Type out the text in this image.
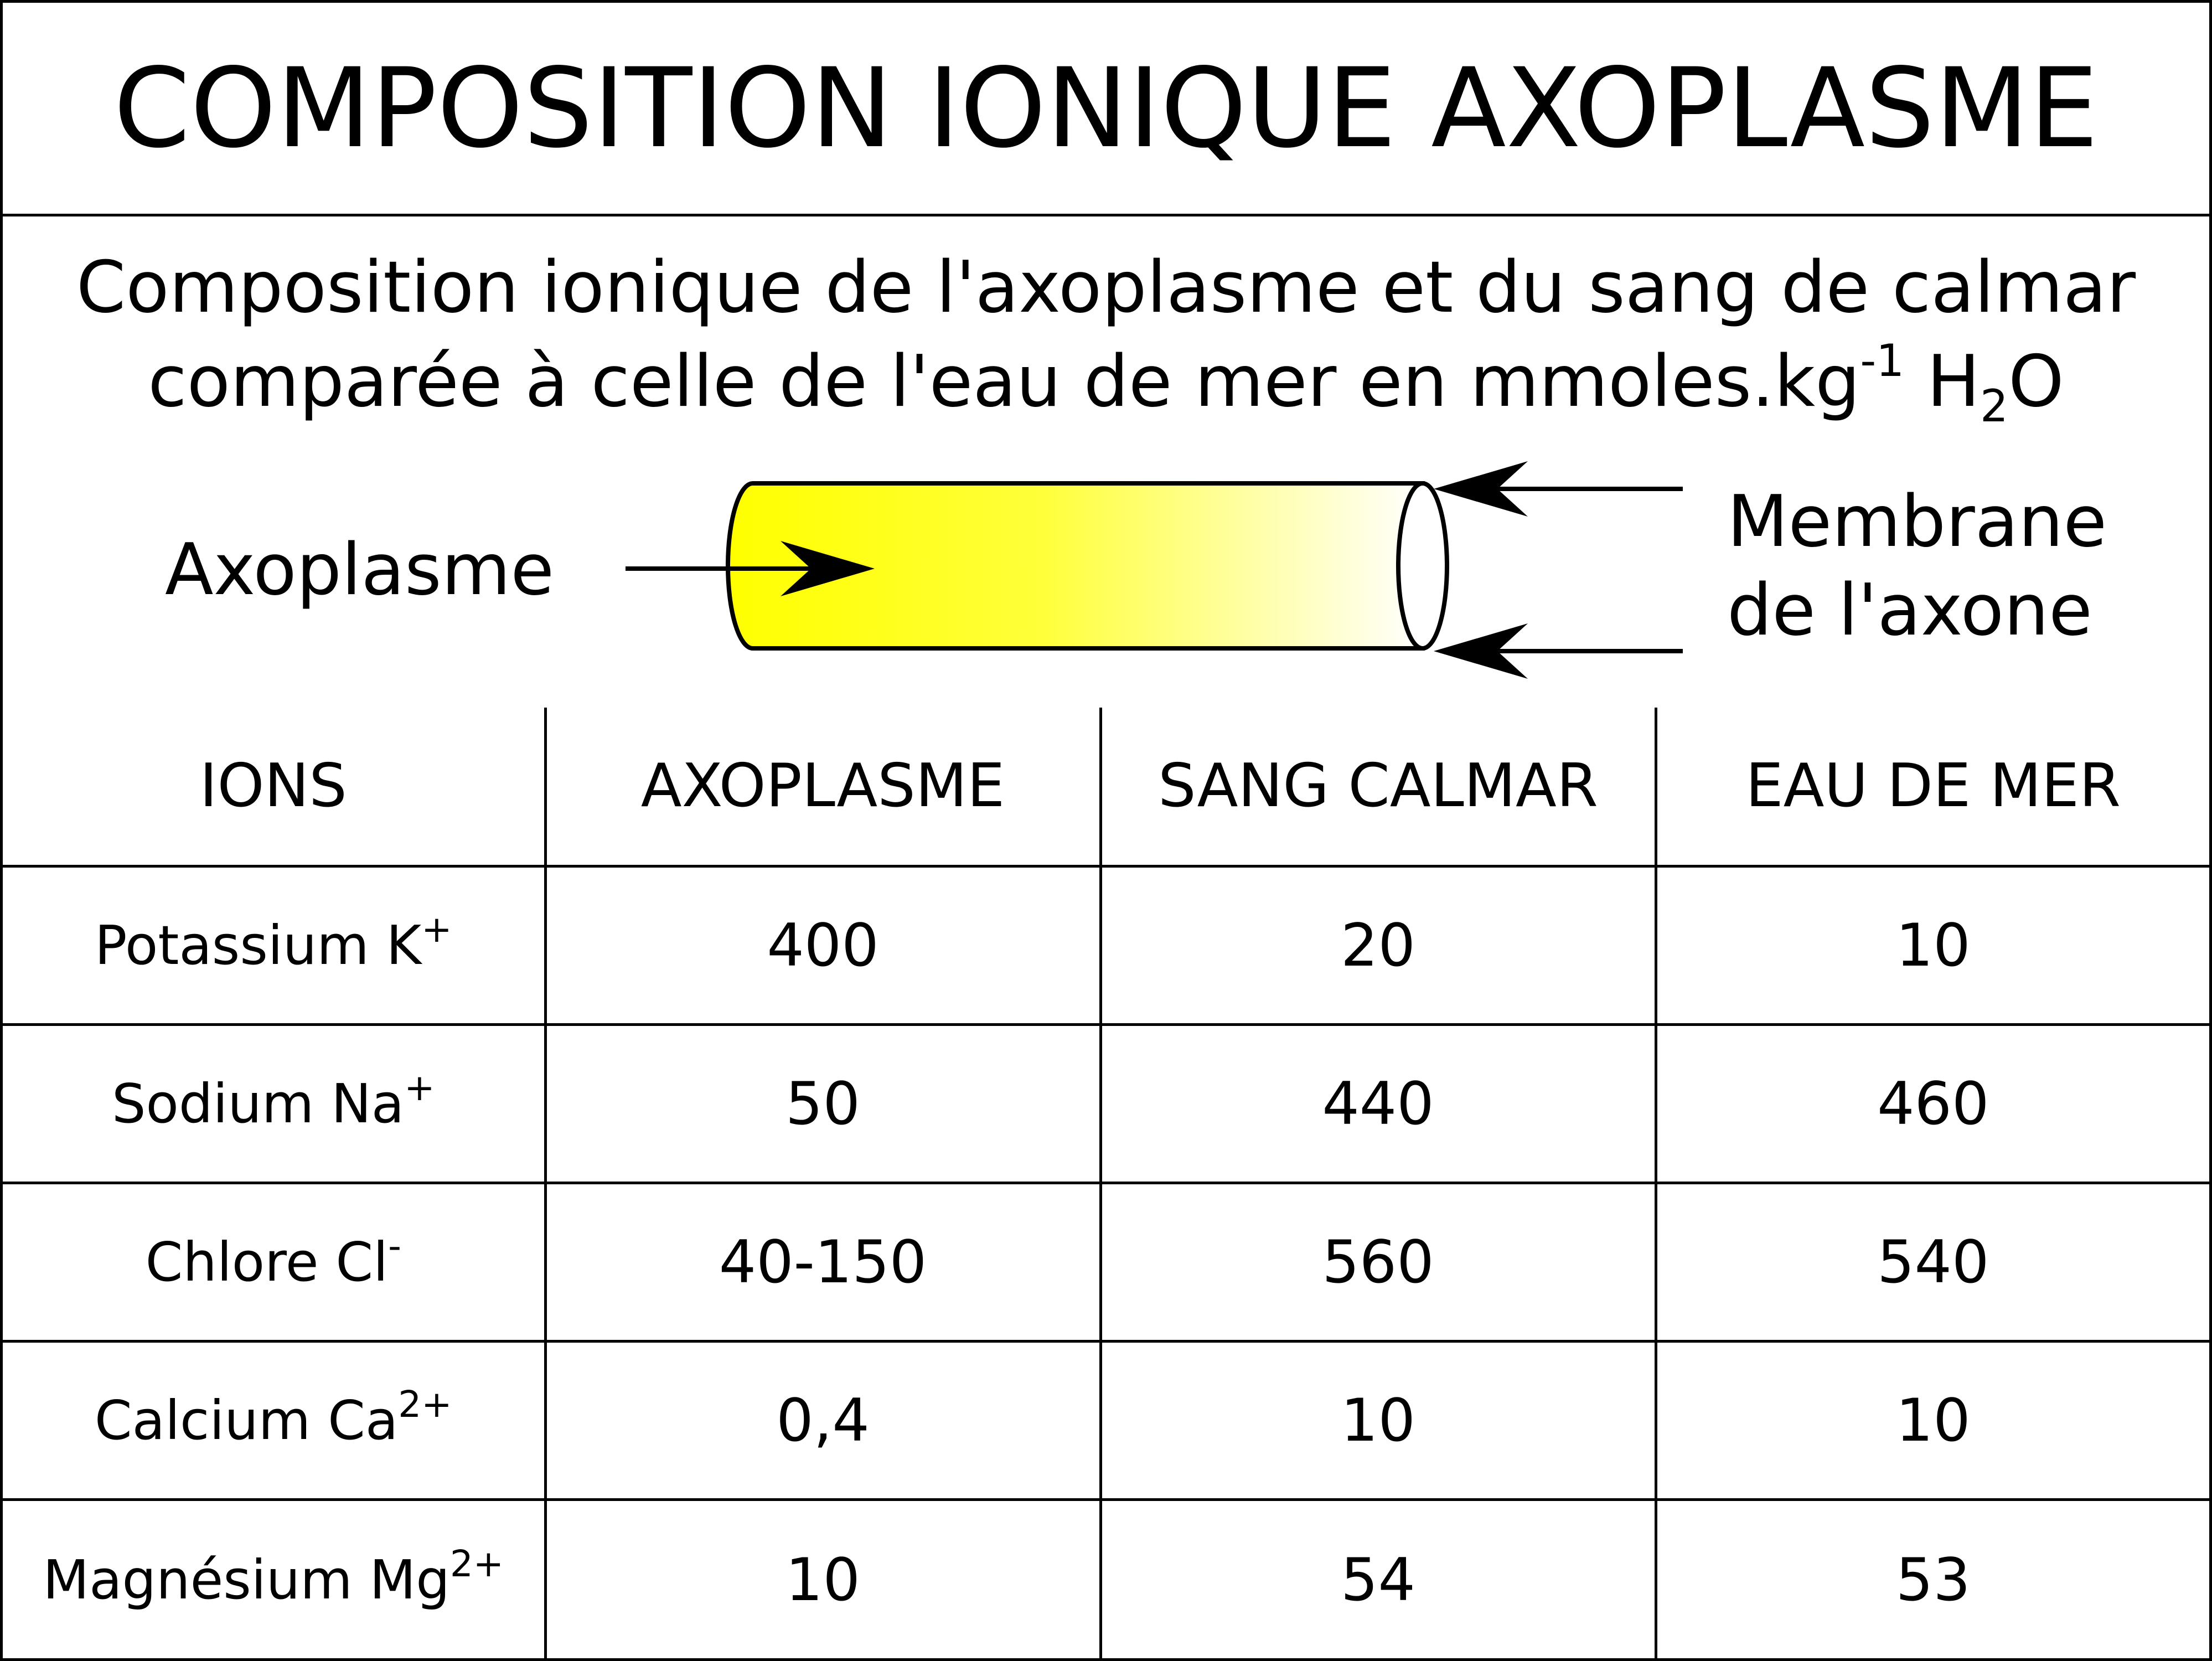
COMPOSITION IONIQUE AXOPLASME
Composition ionique de l'axoplasme et du sang de calmar
comparée à celle de l'eau de mer en $mmoles.kg^{-1}$ $H_2O$
Axoplasme
Membrane
de l'axone
IONS	AXOPLASME	SANG CALMAR	EAU DE MER
Potassium K+	400	20	10
Sodium Na+	50	440	460
Chlore Cl-	40-150	560	540
Calcium $Ca^{2+}$	0,4	10	10
Magnésium $Mg^{2+}$	10	54	53
